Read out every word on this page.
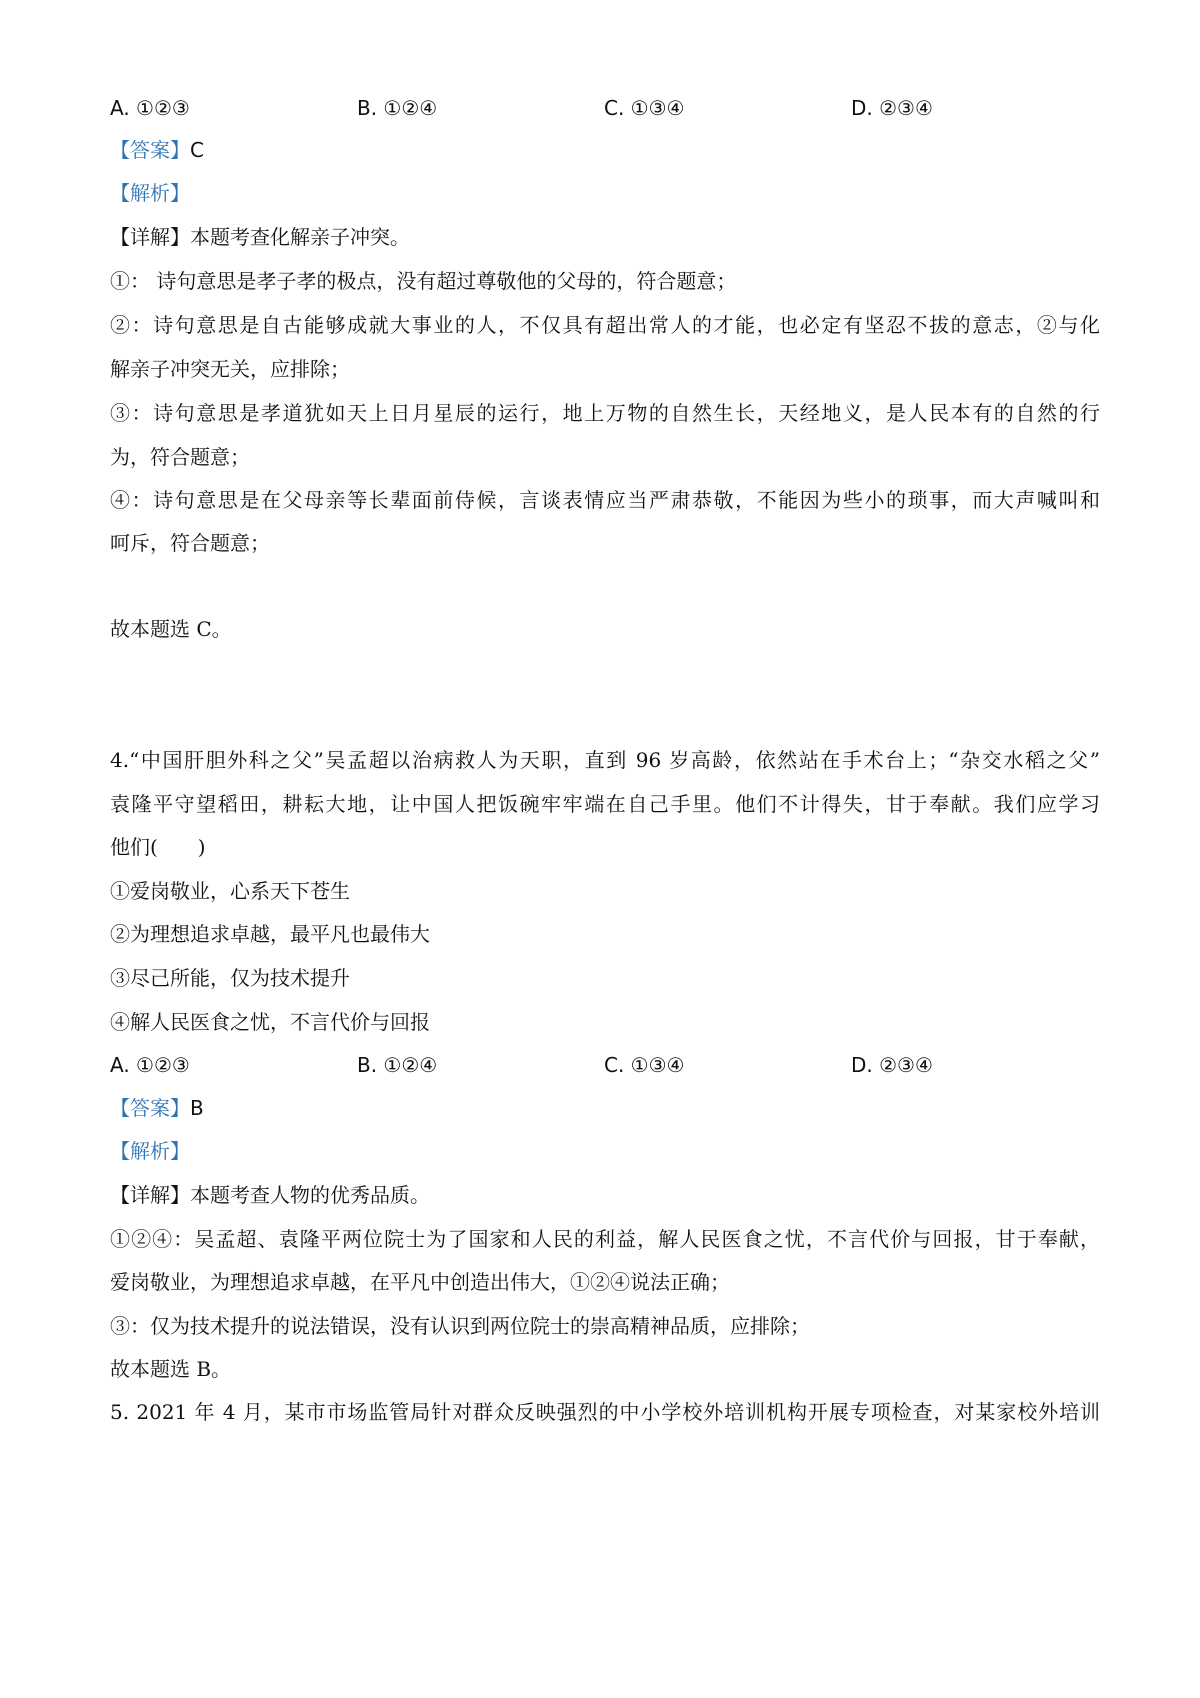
A. ①②③	B. ①②④	C. ①③④	D. ②③④
【答案】C
【解析】
【详解】本题考查化解亲子冲突。
①： 诗句意思是孝子孝的极点，没有超过尊敬他的父母的，符合题意；
②：诗句意思是自古能够成就大事业的人，不仅具有超出常人的才能，也必定有坚忍不拔的意志，②与化
解亲子冲突无关，应排除；
③：诗句意思是孝道犹如天上日月星辰的运行，地上万物的自然生长，天经地义，是人民本有的自然的行
为，符合题意；
④：诗句意思是在父母亲等长辈面前侍候，言谈表情应当严肃恭敬，不能因为些小的琐事，而大声喊叫和
呵斥，符合题意；
故本题选 C。
4.“中国肝胆外科之父”吴孟超以治病救人为天职，直到 96 岁高龄，依然站在手术台上；“杂交水稻之父”
袁隆平守望稻田，耕耘大地，让中国人把饭碗牢牢端在自己手里。他们不计得失，甘于奉献。我们应学习
他们(　　)
①爱岗敬业，心系天下苍生
②为理想追求卓越，最平凡也最伟大
③尽己所能，仅为技术提升
④解人民医食之忧，不言代价与回报
A. ①②③	B. ①②④	C. ①③④	D. ②③④
【答案】B
【解析】
【详解】本题考查人物的优秀品质。
①②④：吴孟超、袁隆平两位院士为了国家和人民的利益，解人民医食之忧，不言代价与回报，甘于奉献，
爱岗敬业，为理想追求卓越，在平凡中创造出伟大，①②④说法正确；
③：仅为技术提升的说法错误，没有认识到两位院士的崇高精神品质，应排除；
故本题选 B。
5. 2021 年 4 月，某市市场监管局针对群众反映强烈的中小学校外培训机构开展专项检查，对某家校外培训
